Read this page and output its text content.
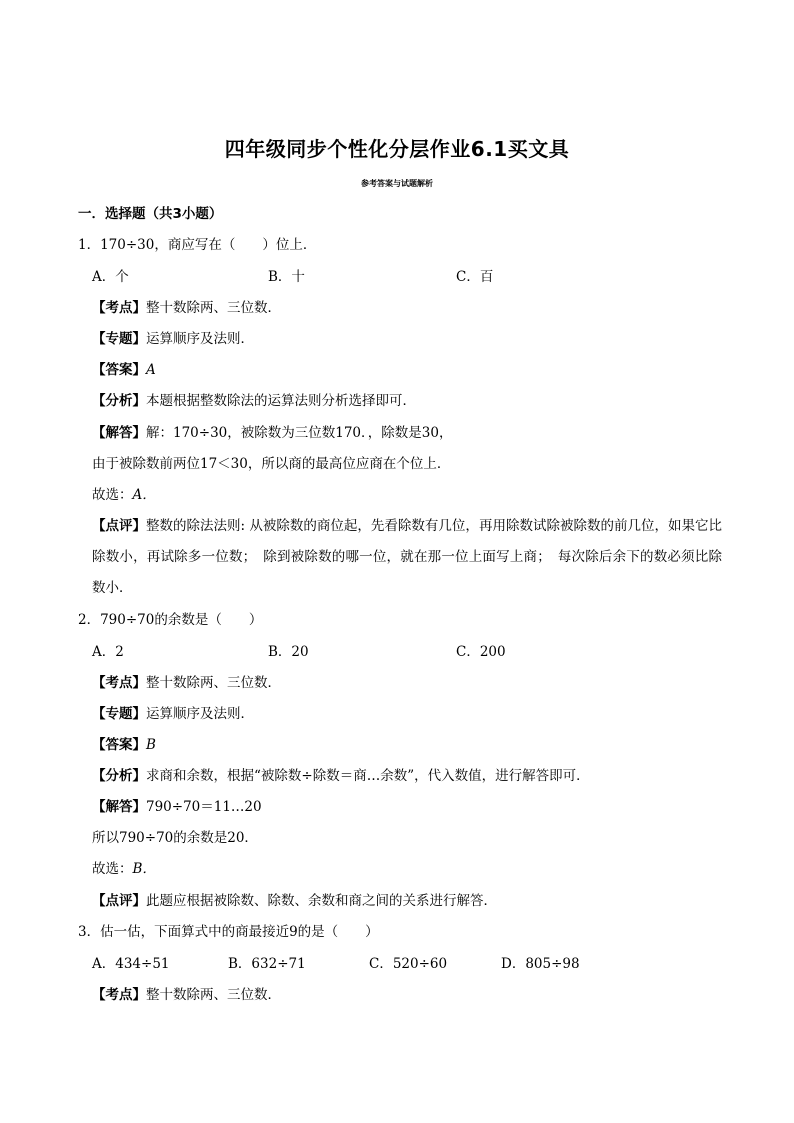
四年级同步个性化分层作业6.1买文具
参考答案与试题解析
一．选择题（共3小题）
1．170÷30，商应写在（　　）位上．
A．个	B．十	C．百
【考点】整十数除两、三位数．
【专题】运算顺序及法则．
【答案】A
【分析】本题根据整数除法的运算法则分析选择即可．
【解答】解：170÷30，被除数为三位数170．，除数是30，
由于被除数前两位17＜30，所以商的最高位应商在个位上．
故选：A．
【点评】整数的除法法则: 从被除数的商位起，先看除数有几位，再用除数试除被除数的前几位，如果它比除数小，再试除多一位数；　除到被除数的哪一位，就在那一位上面写上商；　每次除后余下的数必须比除数小．
2．790÷70的余数是（　　）
A．2	B．20	C．200
【考点】整十数除两、三位数．
【专题】运算顺序及法则．
【答案】B
【分析】求商和余数，根据“被除数÷除数＝商…余数”，代入数值，进行解答即可．
【解答】790÷70＝11…20
所以790÷70的余数是20．
故选：B．
【点评】此题应根据被除数、除数、余数和商之间的关系进行解答．
3．估一估，下面算式中的商最接近9的是（　　）
A．434÷51	B．632÷71	C．520÷60	D．805÷98
【考点】整十数除两、三位数．
